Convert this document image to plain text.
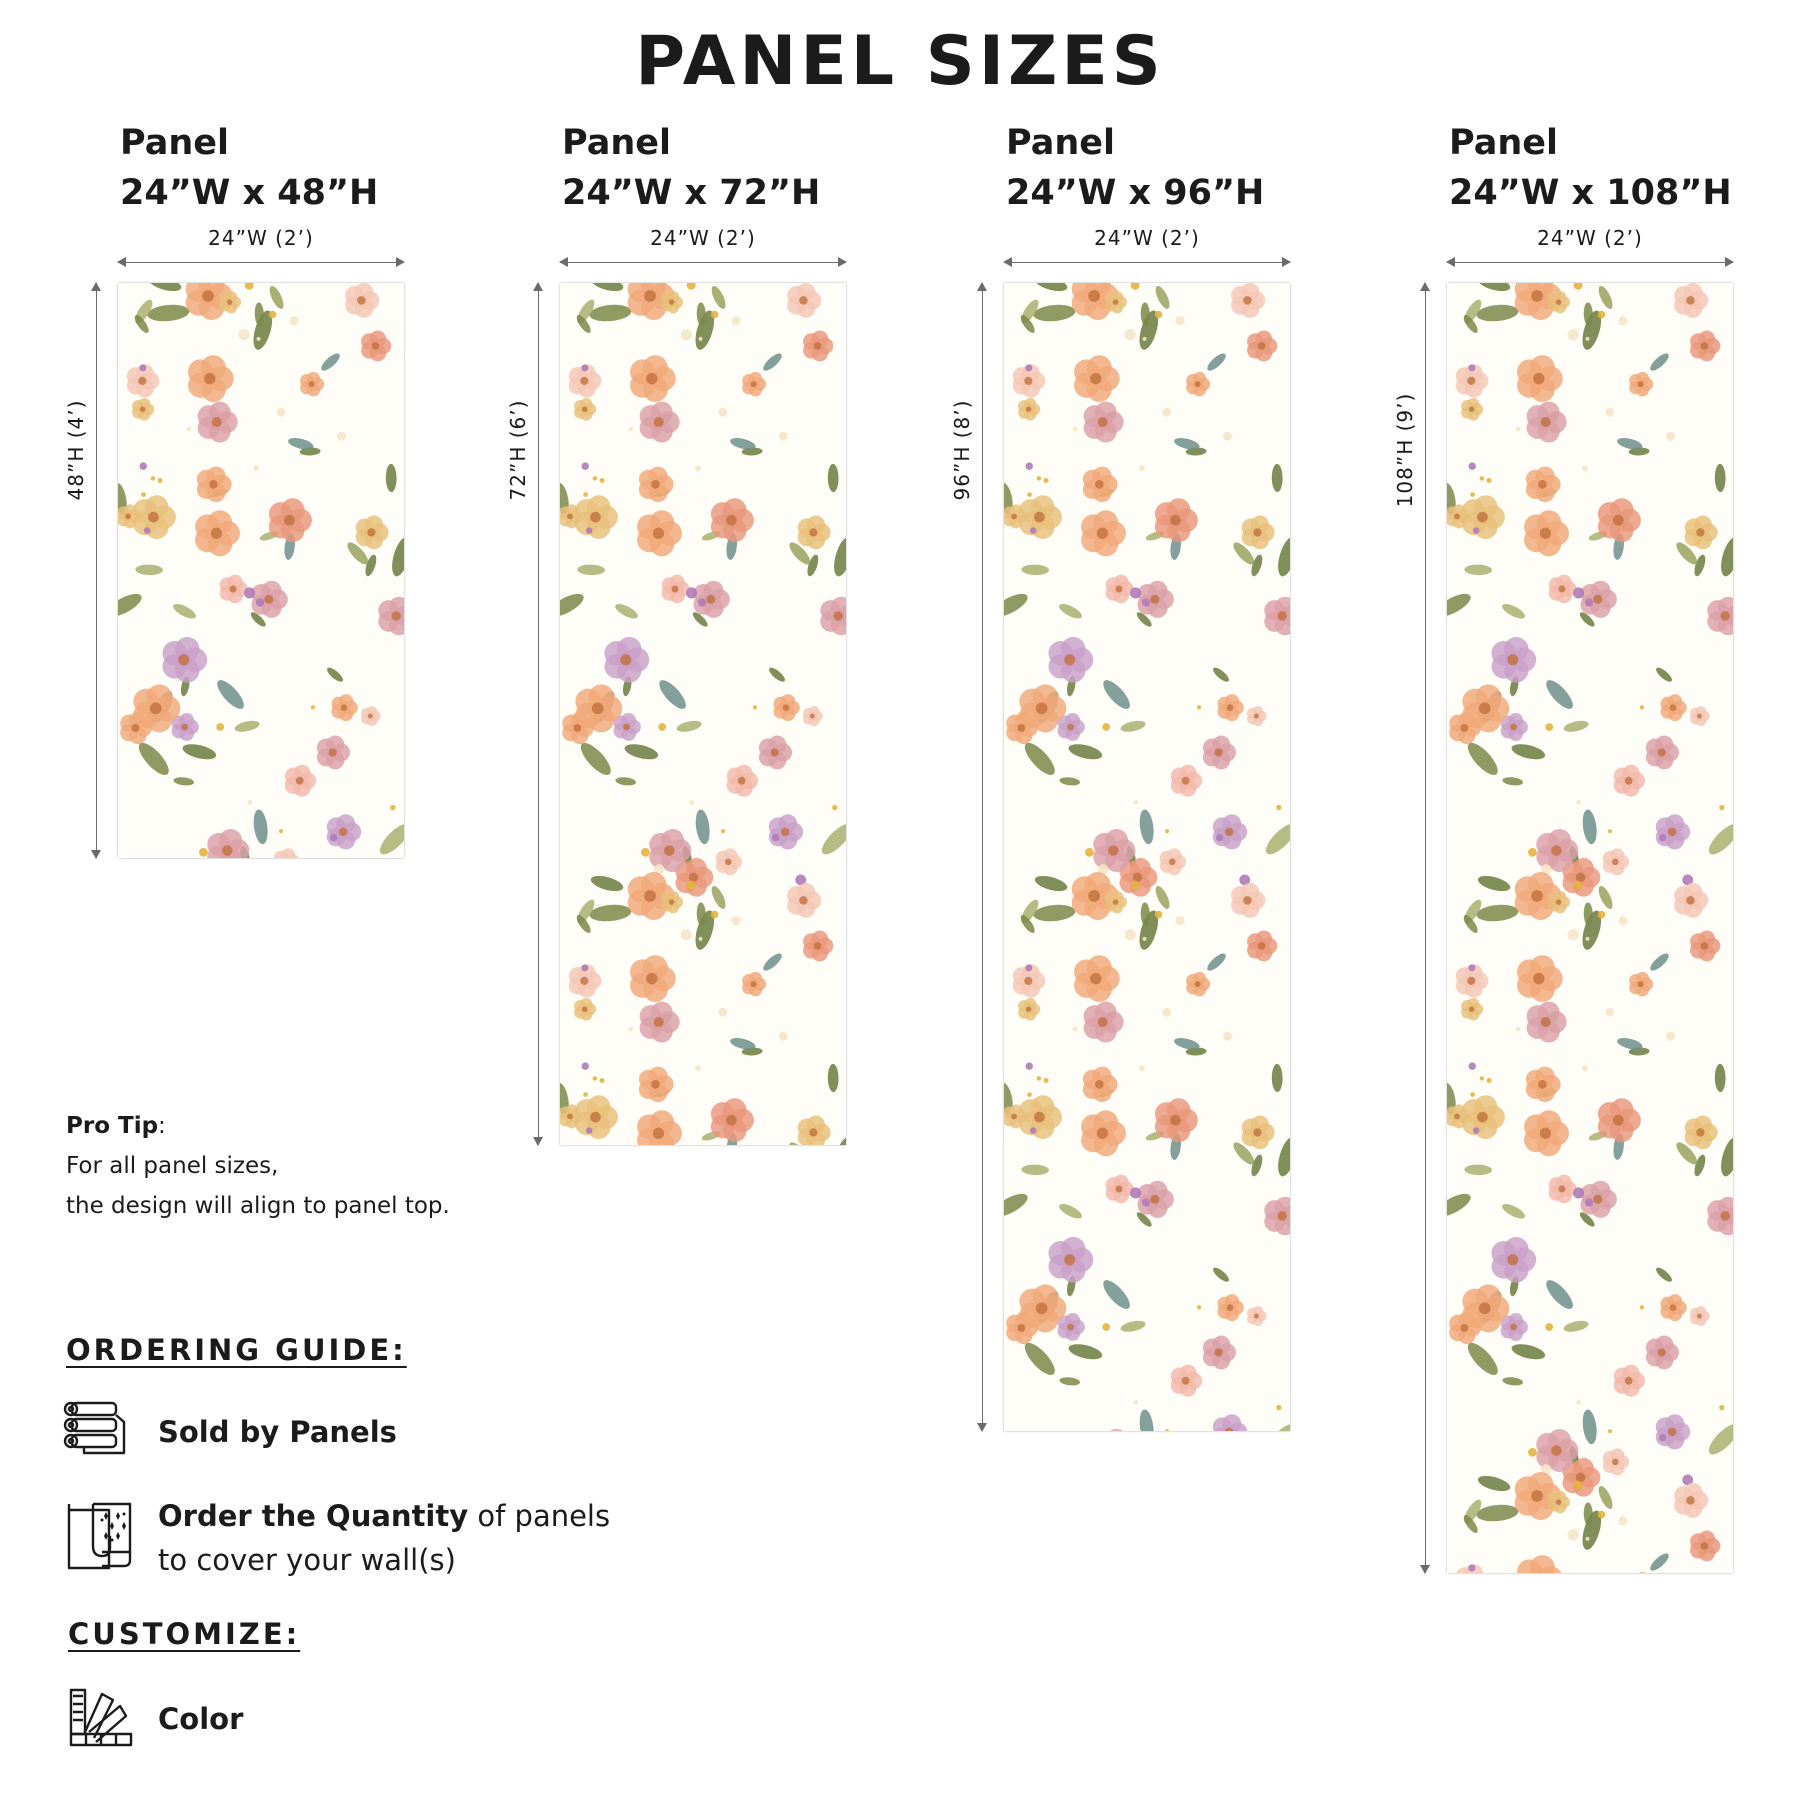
PANEL SIZES
Panel
24”W x 48”H
24”W (2’)
48”H (4’)
Panel
24”W x 72”H
24”W (2’)
72”H (6’)
Panel
24”W x 96”H
24”W (2’)
96”H (8’)
Panel
24”W x 108”H
24”W (2’)
108”H (9’)
Pro Tip:
For all panel sizes,
the design will align to panel top.
ORDERING GUIDE:
Sold by Panels
Order the Quantity of panels
to cover your wall(s)
CUSTOMIZE:
Color
